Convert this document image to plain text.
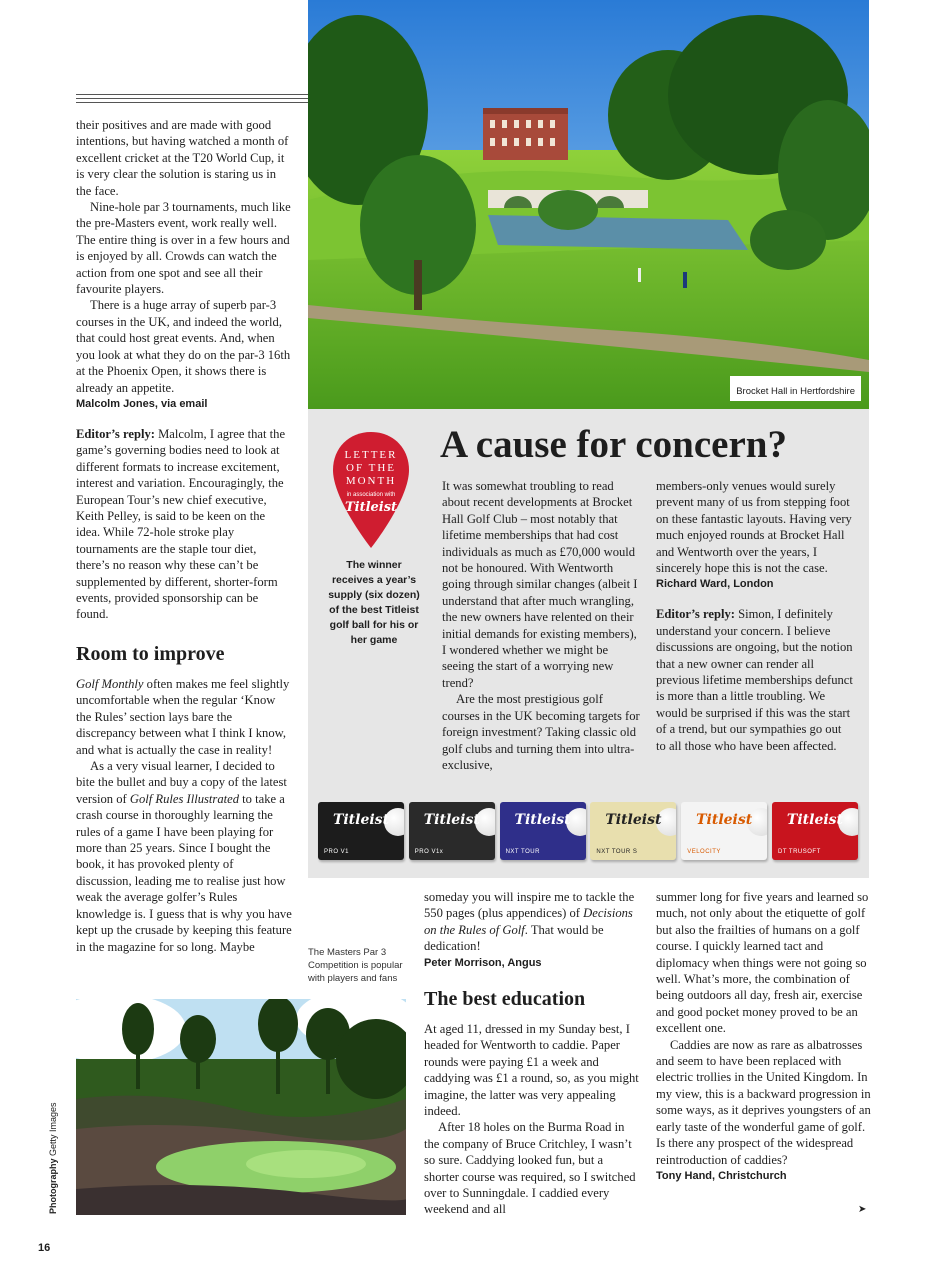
their positives and are made with good intentions, but having watched a month of excellent cricket at the T20 World Cup, it is very clear the solution is staring us in the face.

Nine-hole par 3 tournaments, much like the pre-Masters event, work really well. The entire thing is over in a few hours and is enjoyed by all. Crowds can watch the action from one spot and see all their favourite players.

There is a huge array of superb par-3 courses in the UK, and indeed the world, that could host great events. And, when you look at what they do on the par-3 16th at the Phoenix Open, it shows there is already an appetite.

Malcolm Jones, via email

Editor’s reply: Malcolm, I agree that the game’s governing bodies need to look at different formats to increase excitement, interest and variation. Encouragingly, the European Tour’s new chief executive, Keith Pelley, is said to be keen on the idea. While 72-hole stroke play tournaments are the staple tour diet, there’s no reason why these can’t be supplemented by different, shorter-form events, provided sponsorship can be found.

Room to improve

Golf Monthly often makes me feel slightly uncomfortable when the regular ‘Know the Rules’ section lays bare the discrepancy between what I think I know, and what is actually the case in reality!

As a very visual learner, I decided to bite the bullet and buy a copy of the latest version of Golf Rules Illustrated to take a crash course in thoroughly learning the rules of a game I have been playing for more than 25 years. Since I bought the book, it has provoked plenty of discussion, leading me to realise just how weak the average golfer’s Rules knowledge is. I guess that is why you have kept up the crusade by keeping this feature in the magazine for so long. Maybe	The Masters Par 3 Competition is popular with players and fans
Brocket Hall in Hertfordshire
LETTER
OF THE
MONTH
in association with
Titleist
The winner receives a year’s supply (six dozen) of the best Titleist golf ball for his or her game
A cause for concern?

It was somewhat troubling to read about recent developments at Brocket Hall Golf Club – most notably that lifetime memberships that had cost individuals as much as £70,000 would not be honoured. With Wentworth going through similar changes (albeit I understand that after much wrangling, the new owners have relented on their initial demands for existing members), I wondered whether we might be seeing the start of a worrying new trend?

Are the most prestigious golf courses in the UK becoming targets for foreign investment? Taking classic old golf clubs and turning them into ultra-exclusive,

members-only venues would surely prevent many of us from stepping foot on these fantastic layouts. Having very much enjoyed rounds at Brocket Hall and Wentworth over the years, I sincerely hope this is not the case.

Richard Ward, London

Editor’s reply: Simon, I definitely understand your concern. I believe discussions are ongoing, but the notion that a new owner can render all previous lifetime memberships defunct is more than a little troubling. We would be surprised if this was the start of a trend, but our sympathies go out to all those who have been affected.

Titleist
PRO V1
Titleist
PRO V1x
Titleist
NXT TOUR
Titleist
NXT TOUR S
Titleist
VELOCITY
Titleist
DT TRUSOFT

someday you will inspire me to tackle the 550 pages (plus appendices) of Decisions on the Rules of Golf. That would be dedication!

Peter Morrison, Angus
The best education

At aged 11, dressed in my Sunday best, I headed for Wentworth to caddie. Paper rounds were paying £1 a week and caddying was £1 a round, so, as you might imagine, the latter was very appealing indeed.

After 18 holes on the Burma Road in the company of Bruce Critchley, I wasn’t so sure. Caddying looked fun, but a shorter course was required, so I switched over to Sunningdale. I caddied every weekend and all

summer long for five years and learned so much, not only about the etiquette of golf but also the frailties of humans on a golf course. I quickly learned tact and diplomacy when things were not going so well. What’s more, the combination of being outdoors all day, fresh air, exercise and good pocket money proved to be an excellent one.

Caddies are now as rare as albatrosses and seem to have been replaced with electric trollies in the United Kingdom. In my view, this is a backward progression in some ways, as it deprives youngsters of an early taste of the wonderful game of golf. Is there any prospect of the widespread reintroduction of caddies?

Tony Hand, Christchurch
➤
Photography Getty Images
16
